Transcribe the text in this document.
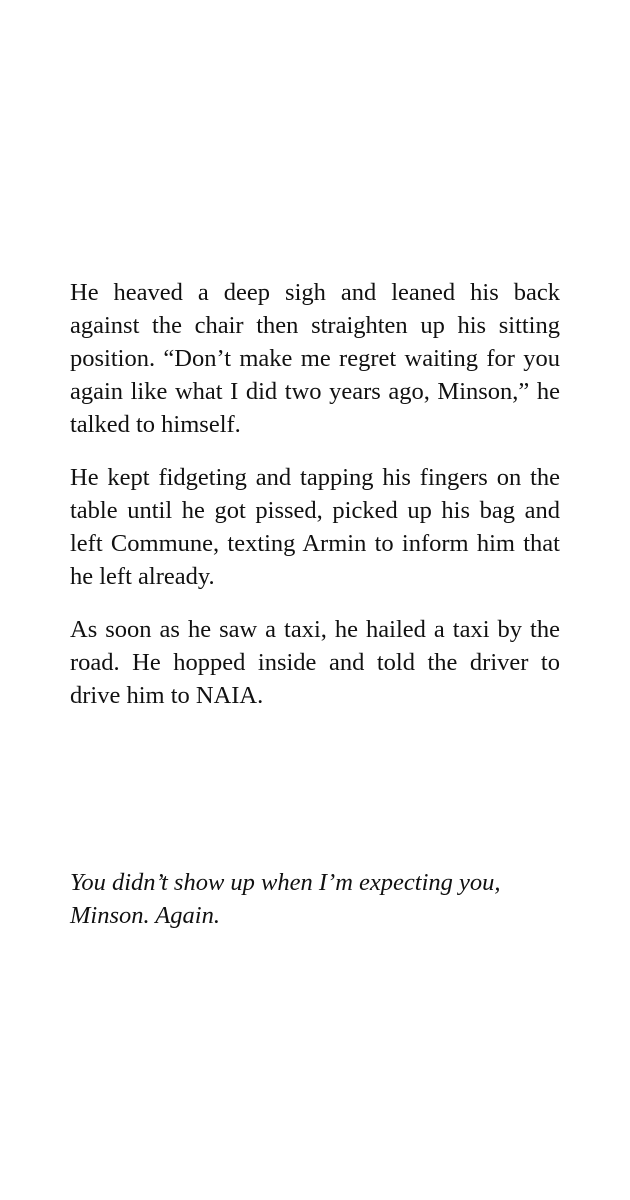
He heaved a deep sigh and leaned his back against the chair then straighten up his sitting position. “Don’t make me regret waiting for you again like what I did two years ago, Minson,” he talked to himself.

He kept fidgeting and tapping his fingers on the table until he got pissed, picked up his bag and left Commune, texting Armin to inform him that he left already.

As soon as he saw a taxi, he hailed a taxi by the road. He hopped inside and told the driver to drive him to NAIA.

You didn’t show up when I’m expecting you, Minson. Again.
